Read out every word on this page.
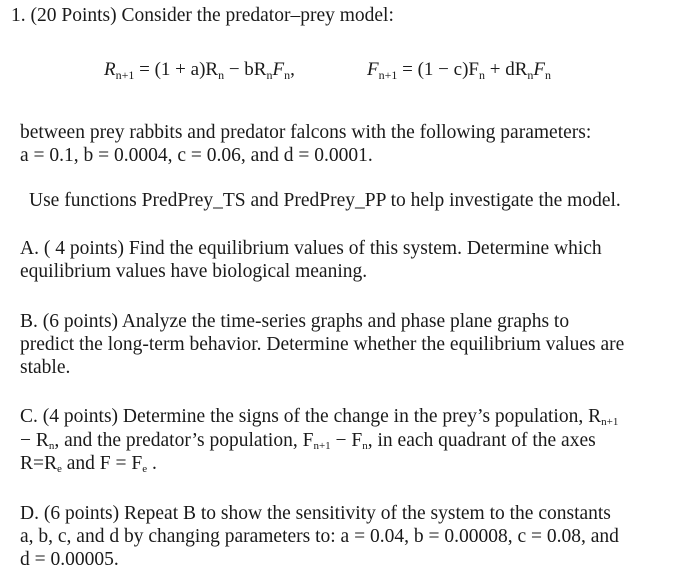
1. (20 Points) Consider the predator–prey model:
$R_{n+1} = (1 + a)R_n - bR_nF_n$,	$F_{n+1} = (1 - c)F_n + dR_nF_n$
between prey rabbits and predator falcons with the following parameters:
a = 0.1, b = 0.0004, c = 0.06, and d = 0.0001.
Use functions PredPrey_TS and PredPrey_PP to help investigate the model.
A. ( 4 points) Find the equilibrium values of this system. Determine which
equilibrium values have biological meaning.
B. (6 points) Analyze the time-series graphs and phase plane graphs to
predict the long-term behavior. Determine whether the equilibrium values are
stable.
C. (4 points) Determine the signs of the change in the prey’s population, Rn+1
− Rn, and the predator’s population, Fn+1 − Fn, in each quadrant of the axes
R=Re and F = Fe .
D. (6 points) Repeat B to show the sensitivity of the system to the constants
a, b, c, and d by changing parameters to: a = 0.04, b = 0.00008, c = 0.08, and
d = 0.00005.
